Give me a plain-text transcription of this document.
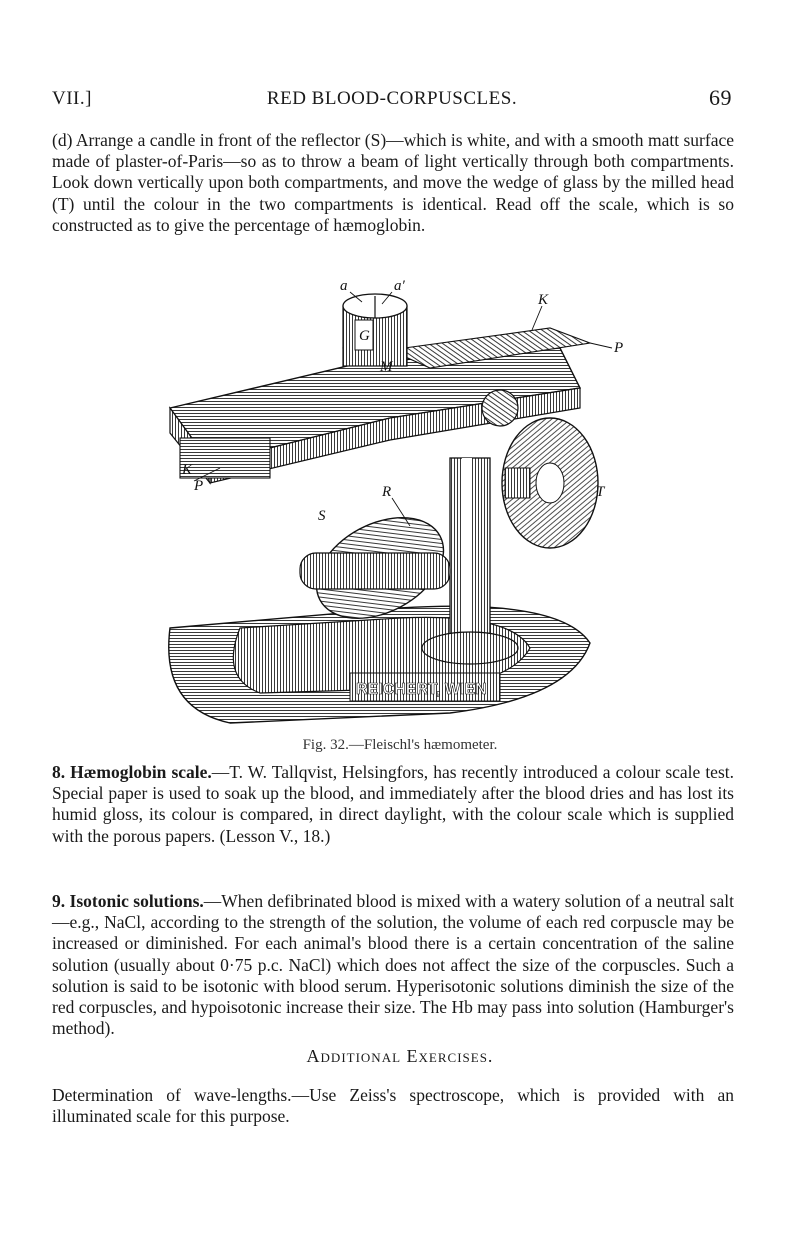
VII.]	RED BLOOD-CORPUSCLES.	69

(d) Arrange a candle in front of the reflector (S)—which is white, and with a smooth matt surface made of plaster-of-Paris—so as to throw a beam of light vertically through both compartments. Look down vertically upon both compartments, and move the wedge of glass by the milled head (T) until the colour in the two compartments is identical. Read off the scale, which is so constructed as to give the percentage of hæmoglobin.

REICHERT, WIEN
a	a′
K
P
G
M
K
P	R
S
T
Fig. 32.—Fleischl's hæmometer.

8. Hæmoglobin scale.—T. W. Tallqvist, Helsingfors, has recently introduced a colour scale test. Special paper is used to soak up the blood, and immediately after the blood dries and has lost its humid gloss, its colour is compared, in direct daylight, with the colour scale which is supplied with the porous papers. (Lesson V., 18.)

9. Isotonic solutions.—When defibrinated blood is mixed with a watery solution of a neutral salt—e.g., NaCl, according to the strength of the solution, the volume of each red corpuscle may be increased or diminished. For each animal's blood there is a certain concentration of the saline solution (usually about 0·75 p.c. NaCl) which does not affect the size of the corpuscles. Such a solution is said to be isotonic with blood serum. Hyperisotonic solutions diminish the size of the red corpuscles, and hypoisotonic increase their size. The Hb may pass into solution (Hamburger's method).

Additional Exercises.

Determination of wave-lengths.—Use Zeiss's spectroscope, which is provided with an illuminated scale for this purpose.
